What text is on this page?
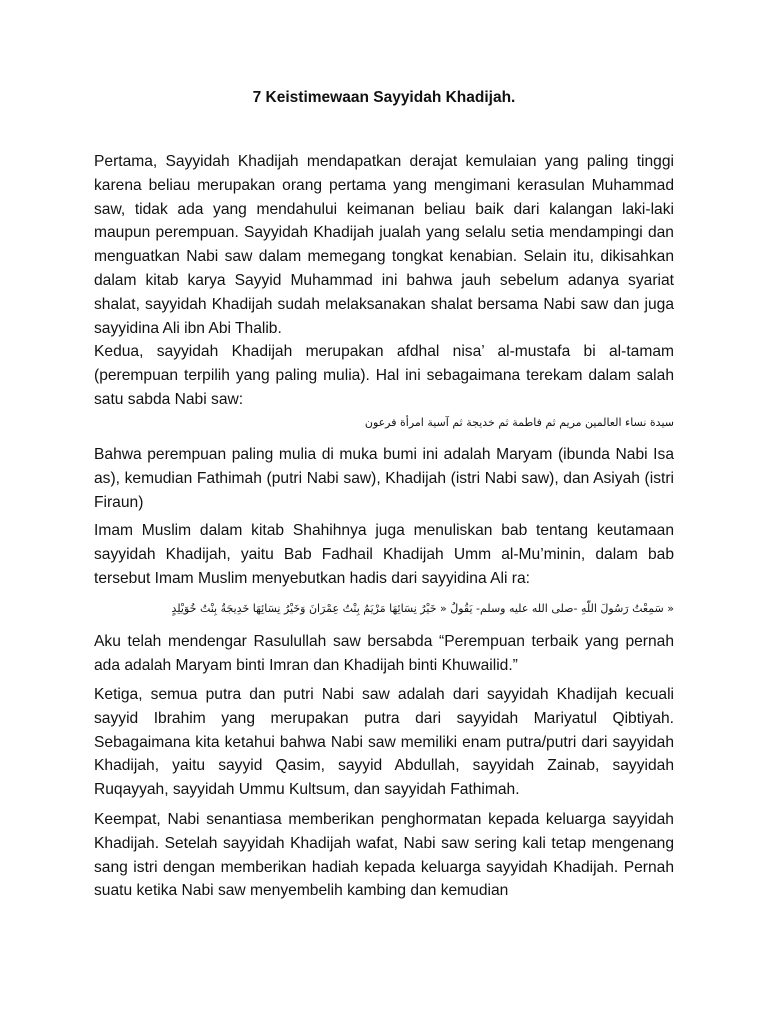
7 Keistimewaan Sayyidah Khadijah.

Pertama, Sayyidah Khadijah mendapatkan derajat kemulaian yang paling tinggi karena beliau merupakan orang pertama yang mengimani kerasulan Muhammad saw, tidak ada yang mendahului keimanan beliau baik dari kalangan laki-laki maupun perempuan. Sayyidah Khadijah jualah yang selalu setia mendampingi dan menguatkan Nabi saw dalam memegang tongkat kenabian. Selain itu, dikisahkan dalam kitab karya Sayyid Muhammad ini bahwa jauh sebelum adanya syariat shalat, sayyidah Khadijah sudah melaksanakan shalat bersama Nabi saw dan juga sayyidina Ali ibn Abi Thalib.

Kedua, sayyidah Khadijah merupakan afdhal nisa’ al-mustafa bi al-tamam (perempuan terpilih yang paling mulia). Hal ini sebagaimana terekam dalam salah satu sabda Nabi saw:

سيدة نساء العالمين مريم ثم فاطمة ثم خديجة ثم آسية امرأة فرعون

Bahwa perempuan paling mulia di muka bumi ini adalah Maryam (ibunda Nabi Isa as), kemudian Fathimah (putri Nabi saw), Khadijah (istri Nabi saw), dan Asiyah (istri Firaun)

Imam Muslim dalam kitab Shahihnya juga menuliskan bab tentang keutamaan sayyidah Khadijah, yaitu Bab Fadhail Khadijah Umm al-Mu’minin, dalam bab tersebut Imam Muslim menyebutkan hadis dari sayyidina Ali ra:

« سَمِعْتُ رَسُولَ اللَّهِ -صلى الله عليه وسلم- يَقُولُ « خَيْرُ نِسَائِهَا مَرْيَمُ بِنْتُ عِمْرَانَ وَخَيْرُ نِسَائِهَا خَدِيجَةُ بِنْتُ خُوَيْلِدٍ

Aku telah mendengar Rasulullah saw bersabda “Perempuan terbaik yang pernah ada adalah Maryam binti Imran dan Khadijah binti Khuwailid.”

Ketiga, semua putra dan putri Nabi saw adalah dari sayyidah Khadijah kecuali sayyid Ibrahim yang merupakan putra dari sayyidah Mariyatul Qibtiyah. Sebagaimana kita ketahui bahwa Nabi saw memiliki enam putra/putri dari sayyidah Khadijah, yaitu sayyid Qasim, sayyid Abdullah, sayyidah Zainab, sayyidah Ruqayyah, sayyidah Ummu Kultsum, dan sayyidah Fathimah.

Keempat, Nabi senantiasa memberikan penghormatan kepada keluarga sayyidah Khadijah. Setelah sayyidah Khadijah wafat, Nabi saw sering kali tetap mengenang sang istri dengan memberikan hadiah kepada keluarga sayyidah Khadijah. Pernah suatu ketika Nabi saw menyembelih kambing dan kemudian
